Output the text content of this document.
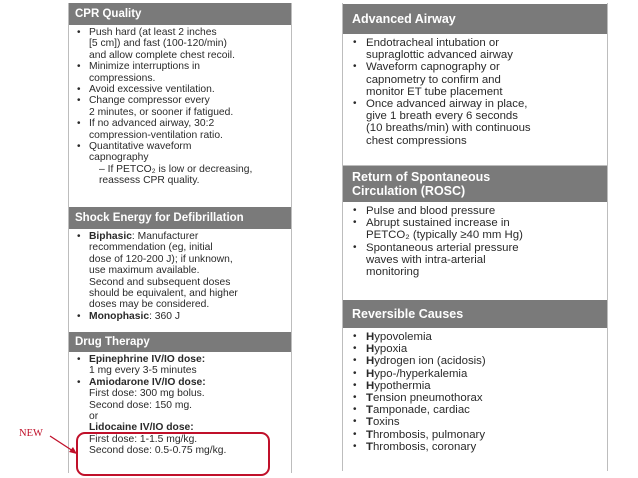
CPR Quality
• Push hard (at least 2 inches
[5 cm]) and fast (100-120/min)
and allow complete chest recoil.
• Minimize interruptions in
compressions.
• Avoid excessive ventilation.
• Change compressor every
2 minutes, or sooner if fatigued.
• If no advanced airway, 30:2
compression-ventilation ratio.
• Quantitative waveform
capnography
– If PETCO₂ is low or decreasing,
reassess CPR quality.
Shock Energy for Defibrillation
• Biphasic: Manufacturer
recommendation (eg, initial
dose of 120-200 J); if unknown,
use maximum available.
Second and subsequent doses
should be equivalent, and higher
doses may be considered.
• Monophasic: 360 J
Drug Therapy
• Epinephrine IV/IO dose:
1 mg every 3-5 minutes
• Amiodarone IV/IO dose:
First dose: 300 mg bolus.
Second dose: 150 mg.
or
Lidocaine IV/IO dose:
First dose: 1-1.5 mg/kg.
Second dose: 0.5-0.75 mg/kg.
Advanced Airway
• Endotracheal intubation or
supraglottic advanced airway
• Waveform capnography or
capnometry to confirm and
monitor ET tube placement
• Once advanced airway in place,
give 1 breath every 6 seconds
(10 breaths/min) with continuous
chest compressions
Return of Spontaneous
Circulation (ROSC)
• Pulse and blood pressure
• Abrupt sustained increase in
PETCO₂ (typically ≥40 mm Hg)
• Spontaneous arterial pressure
waves with intra-arterial
monitoring
Reversible Causes
• Hypovolemia
• Hypoxia
• Hydrogen ion (acidosis)
• Hypo-/hyperkalemia
• Hypothermia
• Tension pneumothorax
• Tamponade, cardiac
• Toxins
• Thrombosis, pulmonary
• Thrombosis, coronary
NEW
